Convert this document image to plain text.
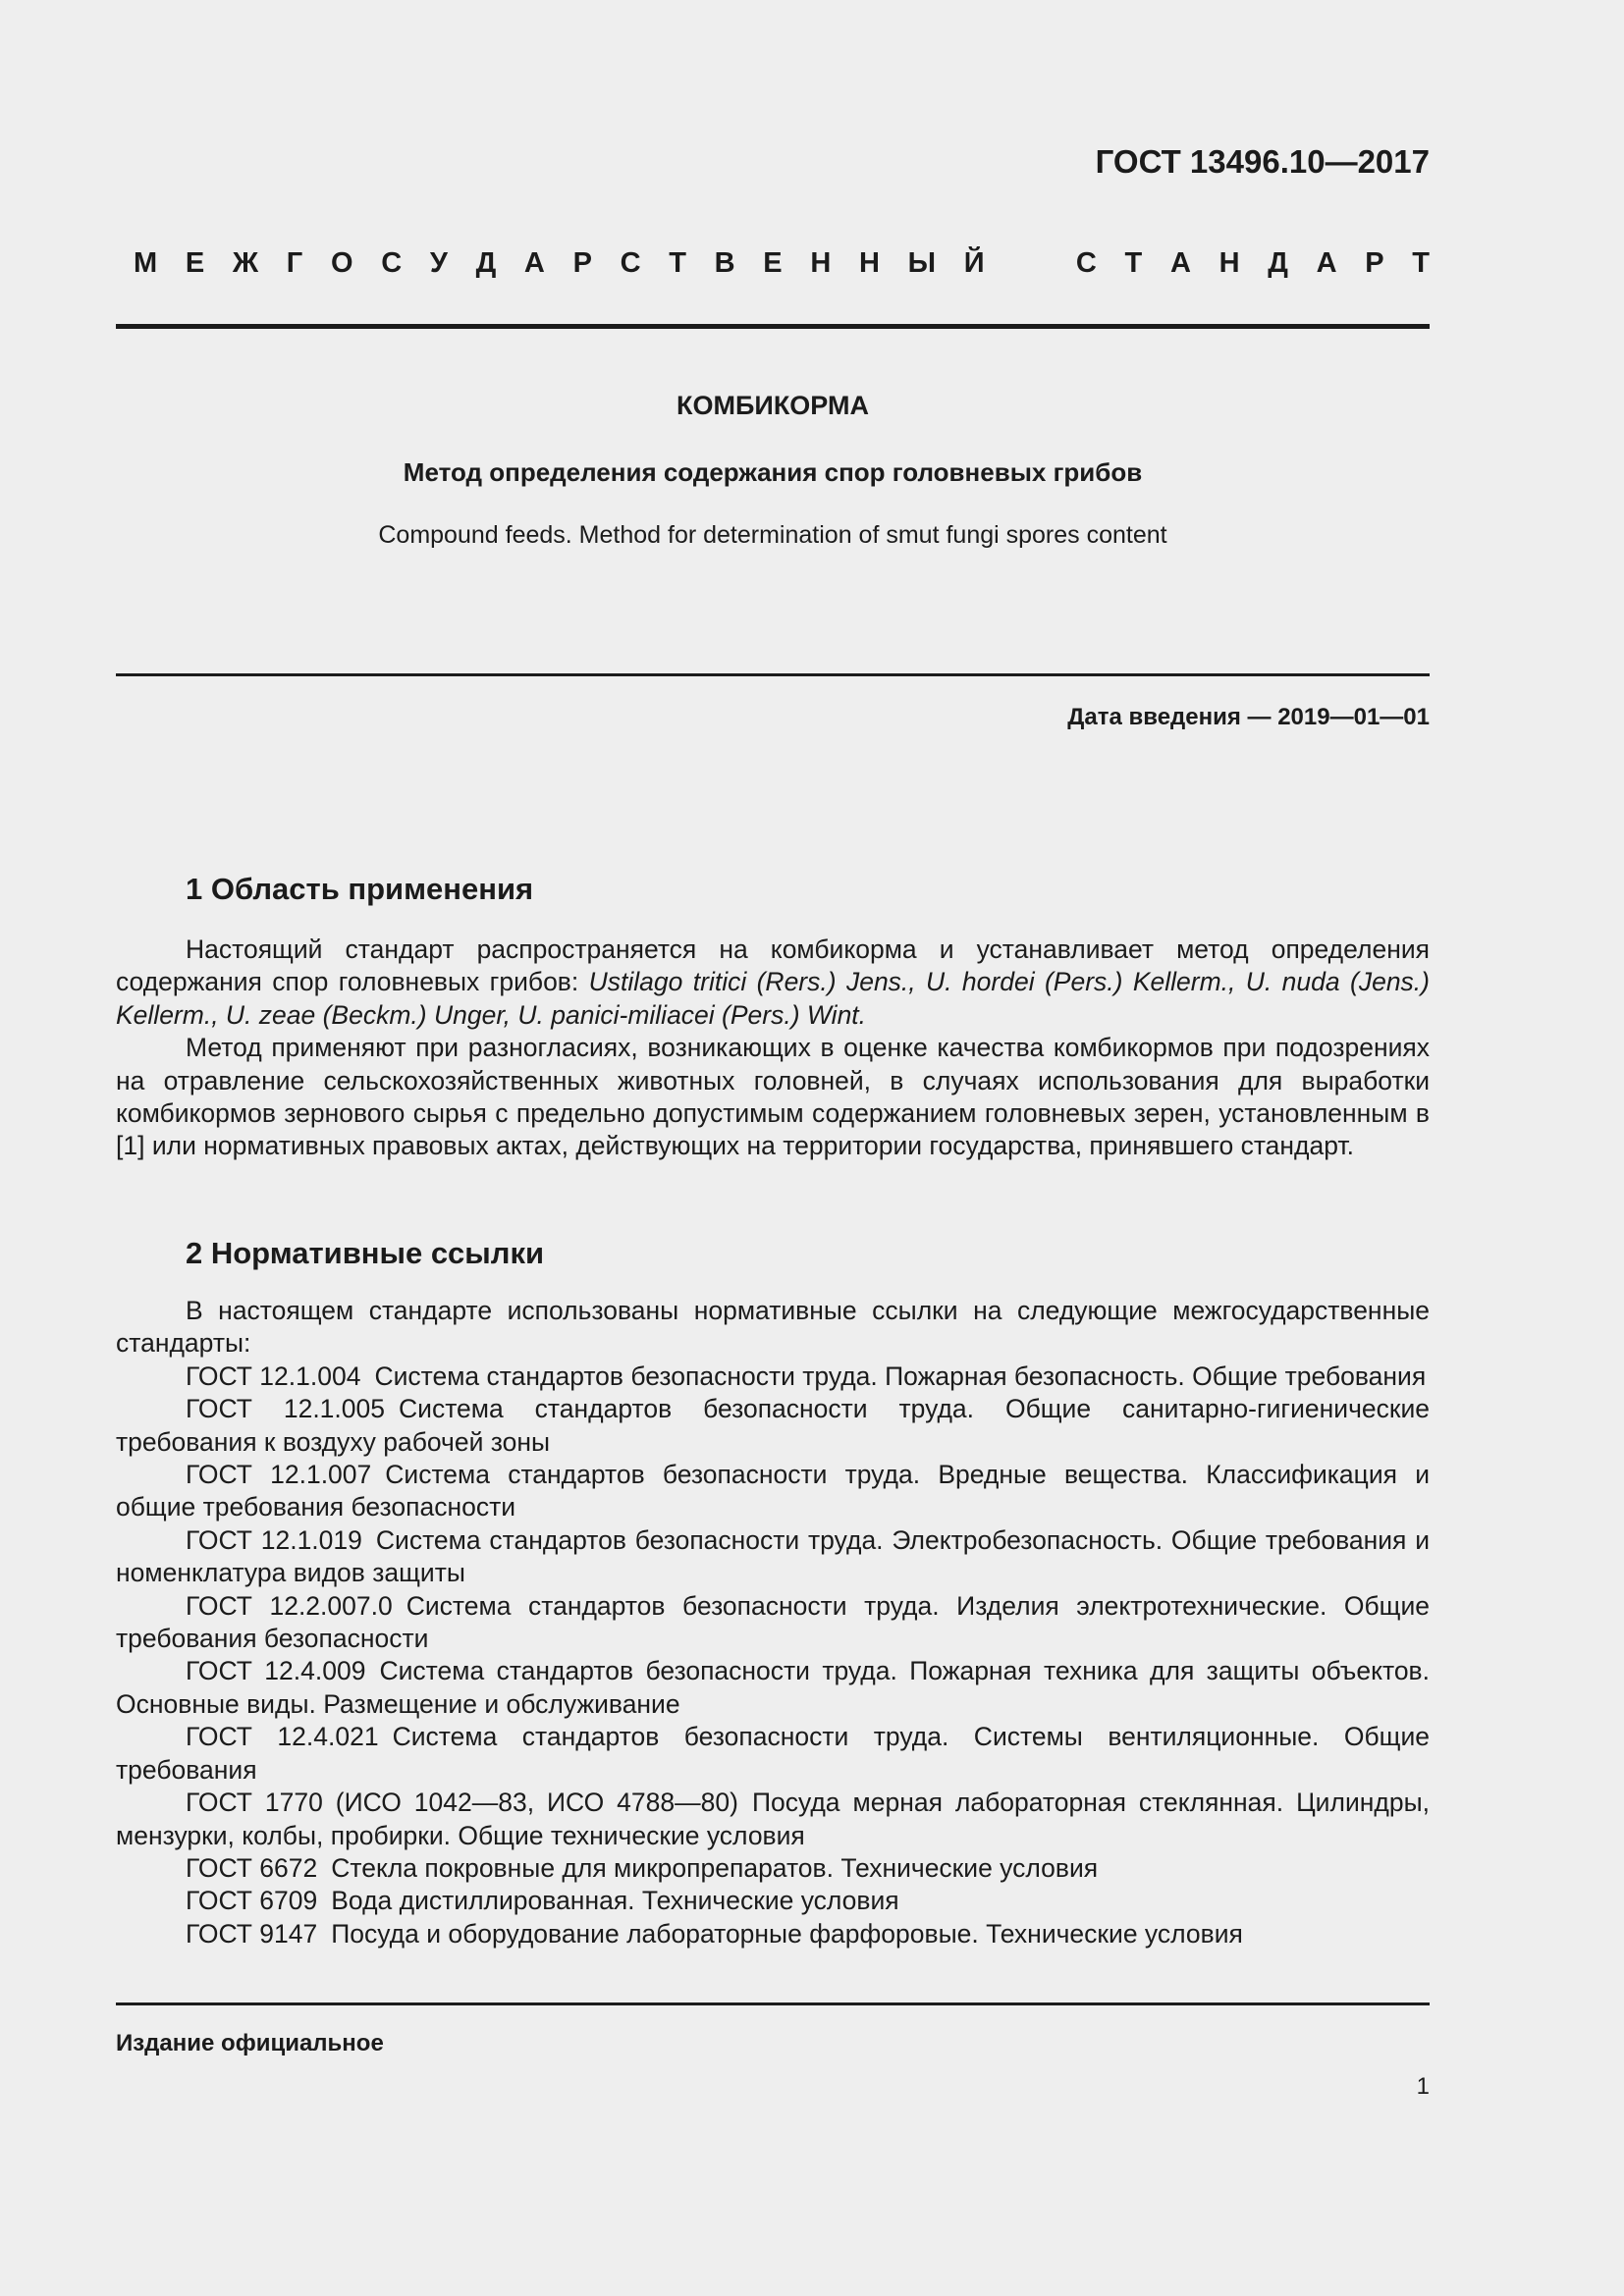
ГОСТ 13496.10—2017

М Е Ж Г О С У Д А Р С Т В Е Н Н Ы Й	С Т А Н Д А Р Т

КОМБИКОРМА

Метод определения содержания спор головневых грибов

Compound feeds. Method for determination of smut fungi spores content

Дата введения — 2019—01—01

1 Область применения

Настоящий стандарт распространяется на комбикорма и устанавливает метод определения содержания спор головневых грибов: Ustilago tritici (Rers.) Jens., U. hordei (Pers.) Kellerm., U. nuda (Jens.) Kellerm., U. zeae (Beckm.) Unger, U. panici-miliacei (Pers.) Wint.

Метод применяют при разногласиях, возникающих в оценке качества комбикормов при подозрениях на отравление сельскохозяйственных животных головней, в случаях использования для выработки комбикормов зернового сырья с предельно допустимым содержанием головневых зерен, установленным в [1] или нормативных правовых актах, действующих на территории государства, принявшего стандарт.

2 Нормативные ссылки

В настоящем стандарте использованы нормативные ссылки на следующие межгосударственные стандарты:

ГОСТ 12.1.004 Система стандартов безопасности труда. Пожарная безопасность. Общие требования

ГОСТ 12.1.005 Система стандартов безопасности труда. Общие санитарно-гигиенические требования к воздуху рабочей зоны

ГОСТ 12.1.007 Система стандартов безопасности труда. Вредные вещества. Классификация и общие требования безопасности

ГОСТ 12.1.019 Система стандартов безопасности труда. Электробезопасность. Общие требования и номенклатура видов защиты

ГОСТ 12.2.007.0 Система стандартов безопасности труда. Изделия электротехнические. Общие требования безопасности

ГОСТ 12.4.009 Система стандартов безопасности труда. Пожарная техника для защиты объектов. Основные виды. Размещение и обслуживание

ГОСТ 12.4.021 Система стандартов безопасности труда. Системы вентиляционные. Общие требования

ГОСТ 1770 (ИСО 1042—83, ИСО 4788—80) Посуда мерная лабораторная стеклянная. Цилиндры, мензурки, колбы, пробирки. Общие технические условия

ГОСТ 6672 Стекла покровные для микропрепаратов. Технические условия

ГОСТ 6709 Вода дистиллированная. Технические условия

ГОСТ 9147 Посуда и оборудование лабораторные фарфоровые. Технические условия

Издание официальное

1
